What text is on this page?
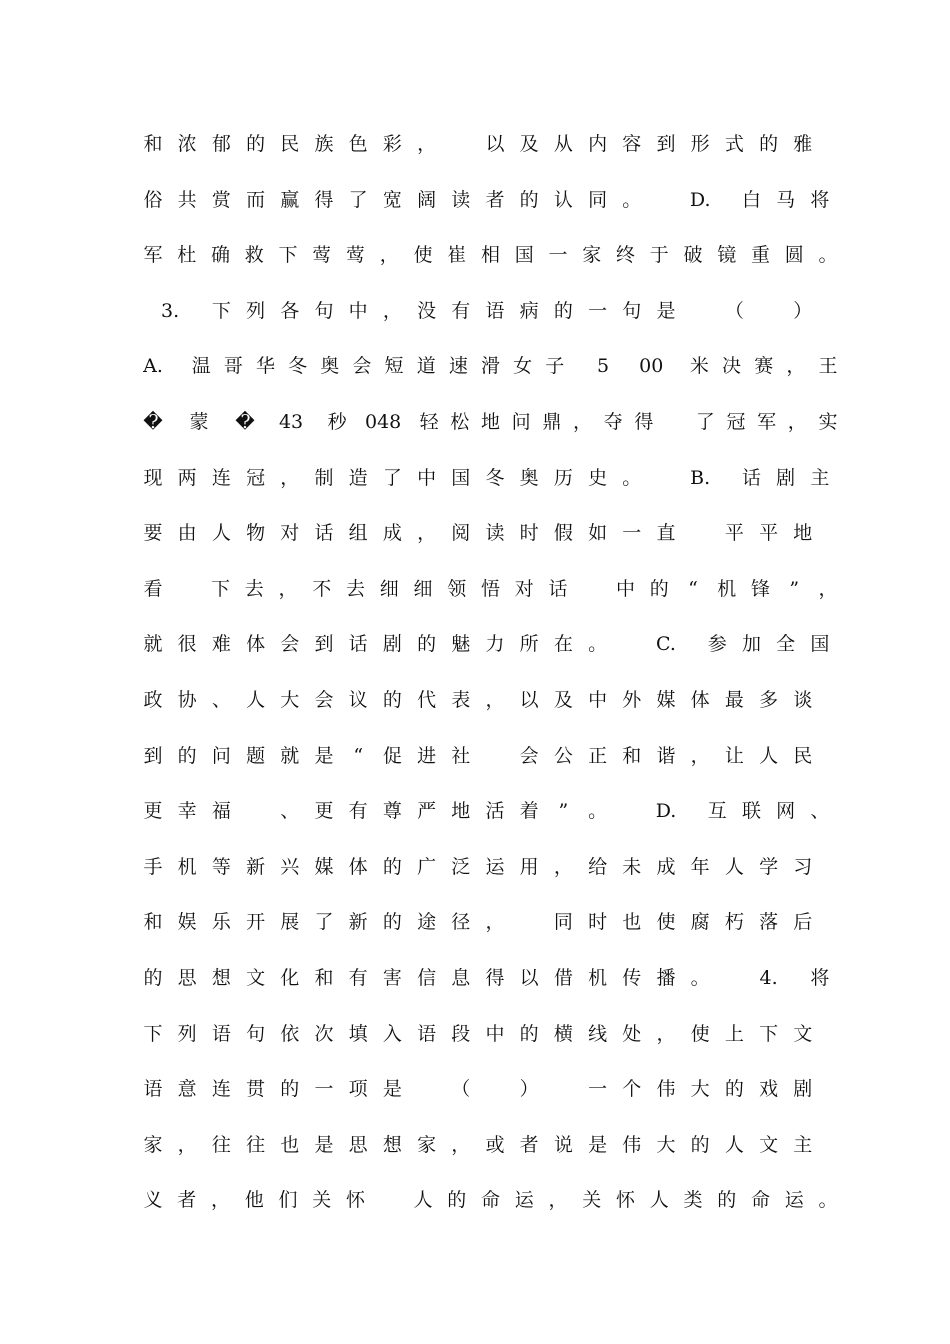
和 浓 郁 的 民 族 色 彩 ，	以 及 从 内 容 到 形 式 的 雅
俗 共 赏 而 赢 得 了 宽 阔 读 者 的 认 同 。	D. 白 马 将
军 杜 确 救 下 莺 莺 ， 使 崔 相 国 一 家 终 于 破 镜 重 圆 。
3. 下 列 各 句 中 ， 没 有 语 病 的 一 句 是	（	）
A. 温 哥 华 冬 奥 会 短 道 速 滑 女 子 5 00 米 决 赛 ， 王
� 蒙 � 43 秒 048 轻 松 地 问 鼎 ， 夺 得 了 冠 军 ， 实
现 两 连 冠 ， 制 造 了 中 国 冬 奥 历 史 。	B. 话 剧 主
要 由 人 物 对 话 组 成 ， 阅 读 时 假 如 一 直	平 平 地
看	下 去 ， 不 去 细 细 领 悟 对 话	中 的 “ 机 锋 ” ，
就 很 难 体 会 到 话 剧 的 魅 力 所 在 。	C. 参 加 全 国
政 协 、 人 大 会 议 的 代 表 ， 以 及 中 外 媒 体 最 多 谈
到 的 问 题 就 是 “ 促 进 社	会 公 正 和 谐 ， 让 人 民
更 幸 福	、 更 有 尊 严 地 活 着 ” 。	D. 互 联 网 、
手 机 等 新 兴 媒 体 的 广 泛 运 用 ， 给 未 成 年 人 学 习
和 娱 乐 开 展 了 新 的 途 径 ，	同 时 也 使 腐 朽 落 后
的 思 想 文 化 和 有 害 信 息 得 以 借 机 传 播 。	4. 将
下 列 语 句 依 次 填 入 语 段 中 的 横 线 处 ， 使 上 下 文
语 意 连 贯 的 一 项 是	（	）	一 个 伟 大 的 戏 剧
家 ， 往 往 也 是 思 想 家 ， 或 者 说 是 伟 大 的 人 文 主
义 者 ， 他 们 关 怀	人 的 命 运 ， 关 怀 人 类 的 命 运 。
